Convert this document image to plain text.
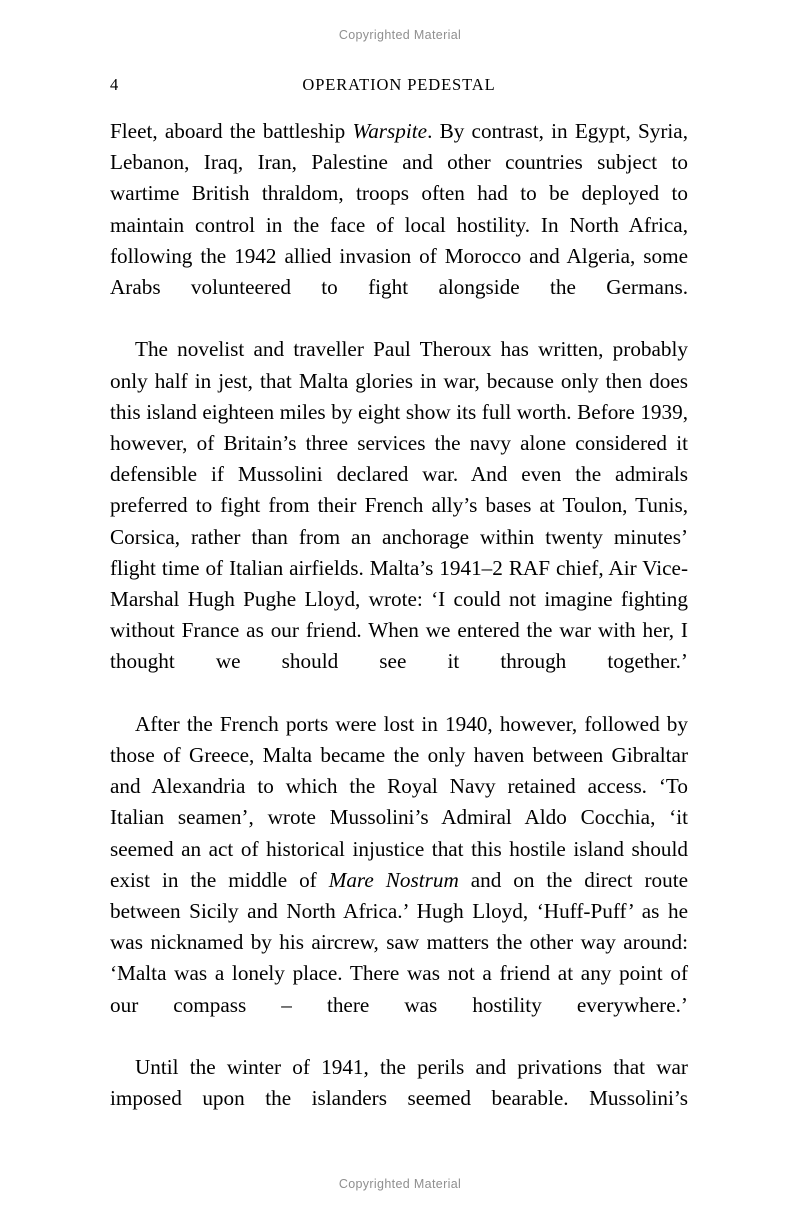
Copyrighted Material
4	OPERATION PEDESTAL

Fleet, aboard the battleship Warspite. By contrast, in Egypt, Syria, Lebanon, Iraq, Iran, Palestine and other countries subject to wartime British thraldom, troops often had to be deployed to maintain control in the face of local hostility. In North Africa, following the 1942 allied invasion of Morocco and Algeria, some Arabs volunteered to fight alongside the Germans.

The novelist and traveller Paul Theroux has written, probably only half in jest, that Malta glories in war, because only then does this island eighteen miles by eight show its full worth. Before 1939, however, of Britain’s three services the navy alone considered it defensible if Mussolini declared war. And even the admirals preferred to fight from their French ally’s bases at Toulon, Tunis, Corsica, rather than from an anchorage within twenty minutes’ flight time of Italian airfields. Malta’s 1941–2 RAF chief, Air Vice-Marshal Hugh Pughe Lloyd, wrote: ‘I could not imagine fighting without France as our friend. When we entered the war with her, I thought we should see it through together.’

After the French ports were lost in 1940, however, followed by those of Greece, Malta became the only haven between Gibraltar and Alexandria to which the Royal Navy retained access. ‘To Italian seamen’, wrote Mussolini’s Admiral Aldo Cocchia, ‘it seemed an act of historical injustice that this hostile island should exist in the middle of Mare Nostrum and on the direct route between Sicily and North Africa.’ Hugh Lloyd, ‘Huff-Puff’ as he was nicknamed by his aircrew, saw matters the other way around: ‘Malta was a lonely place. There was not a friend at any point of our compass – there was hostility everywhere.’

Until the winter of 1941, the perils and privations that war imposed upon the islanders seemed bearable. Mussolini’s

Copyrighted Material
